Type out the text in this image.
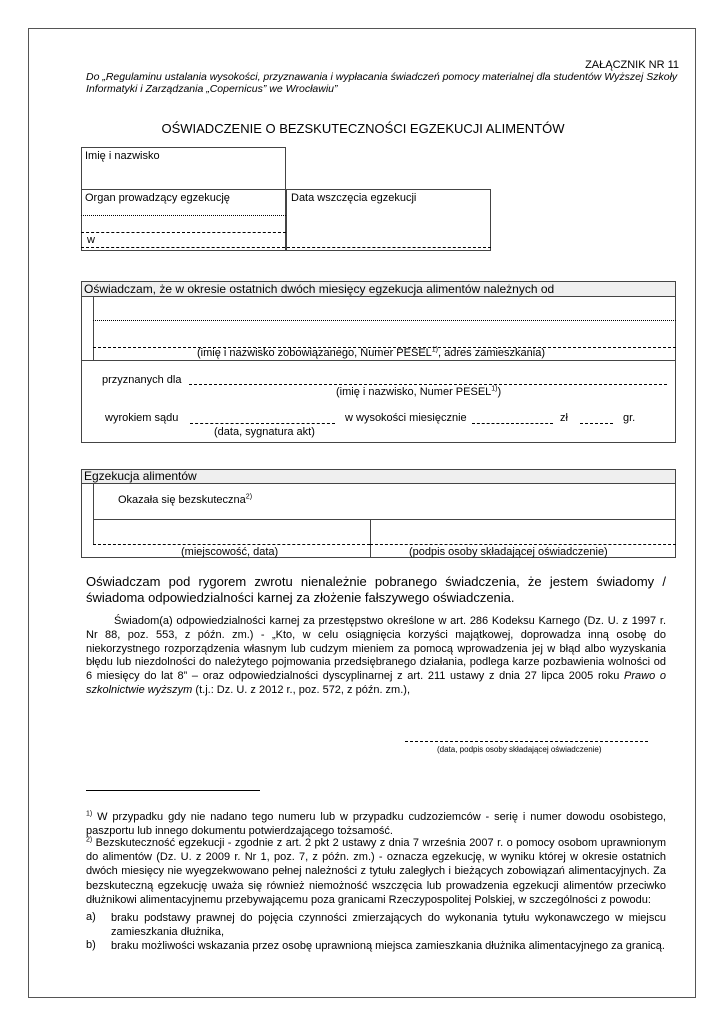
ZAŁĄCZNIK NR 11
Do „Regulaminu ustalania wysokości, przyznawania i wypłacania świadczeń pomocy materialnej dla studentów Wyższej Szkoły
Informatyki i Zarządzania „Copernicus” we Wrocławiu”
OŚWIADCZENIE O BEZSKUTECZNOŚCI EGZEKUCJI ALIMENTÓW
Imię i nazwisko
Organ prowadzący egzekucję	Data wszczęcia egzekucji
w
Oświadczam, że w okresie ostatnich dwóch miesięcy egzekucja alimentów należnych od
(imię i nazwisko zobowiązanego, Numer PESEL$^{1)}$, adres zamieszkania)
przyznanych dla
(imię i nazwisko, Numer PESEL$^{1)}$)
wyrokiem sądu	w wysokości miesięcznie	zł	gr.
(data, sygnatura akt)
Egzekucja alimentów
Okazała się bezskuteczna$^{2)}$
(miejscowość, data)	(podpis osoby składającej oświadczenie)
Oświadczam pod rygorem zwrotu nienależnie pobranego świadczenia, że jestem świadomy / świadoma odpowiedzialności karnej za złożenie fałszywego oświadczenia.
Świadom(a) odpowiedzialności karnej za przestępstwo określone w art. 286 Kodeksu Karnego (Dz. U. z 1997 r. Nr 88, poz. 553, z późn. zm.) - „Kto, w celu osiągnięcia korzyści majątkowej, doprowadza inną osobę do niekorzystnego rozporządzenia własnym lub cudzym mieniem za pomocą wprowadzenia jej w błąd albo wyzyskania błędu lub niezdolności do należytego pojmowania przedsiębranego działania, podlega karze pozbawienia wolności od 6 miesięcy do lat 8” – oraz odpowiedzialności dyscyplinarnej z art. 211 ustawy z dnia 27 lipca 2005 roku Prawo o szkolnictwie wyższym (t.j.: Dz. U. z 2012 r., poz. 572, z późn. zm.),
(data, podpis osoby składającej oświadczenie)
$^{1)}$ W przypadku gdy nie nadano tego numeru lub w przypadku cudzoziemców - serię i numer dowodu osobistego, paszportu lub innego dokumentu potwierdzającego tożsamość.
$^{2)}$ Bezskuteczność egzekucji - zgodnie z art. 2 pkt 2 ustawy z dnia 7 września 2007 r. o pomocy osobom uprawnionym do alimentów (Dz. U. z 2009 r. Nr 1, poz. 7, z późn. zm.) - oznacza egzekucję, w wyniku której w okresie ostatnich dwóch miesięcy nie wyegzekwowano pełnej należności z tytułu zaległych i bieżących zobowiązań alimentacyjnych. Za bezskuteczną egzekucję uważa się również niemożność wszczęcia lub prowadzenia egzekucji alimentów przeciwko dłużnikowi alimentacyjnemu przebywającemu poza granicami Rzeczypospolitej Polskiej, w szczególności z powodu:
a) braku podstawy prawnej do pojęcia czynności zmierzających do wykonania tytułu wykonawczego w miejscu zamieszkania dłużnika,
b) braku możliwości wskazania przez osobę uprawnioną miejsca zamieszkania dłużnika alimentacyjnego za granicą.
